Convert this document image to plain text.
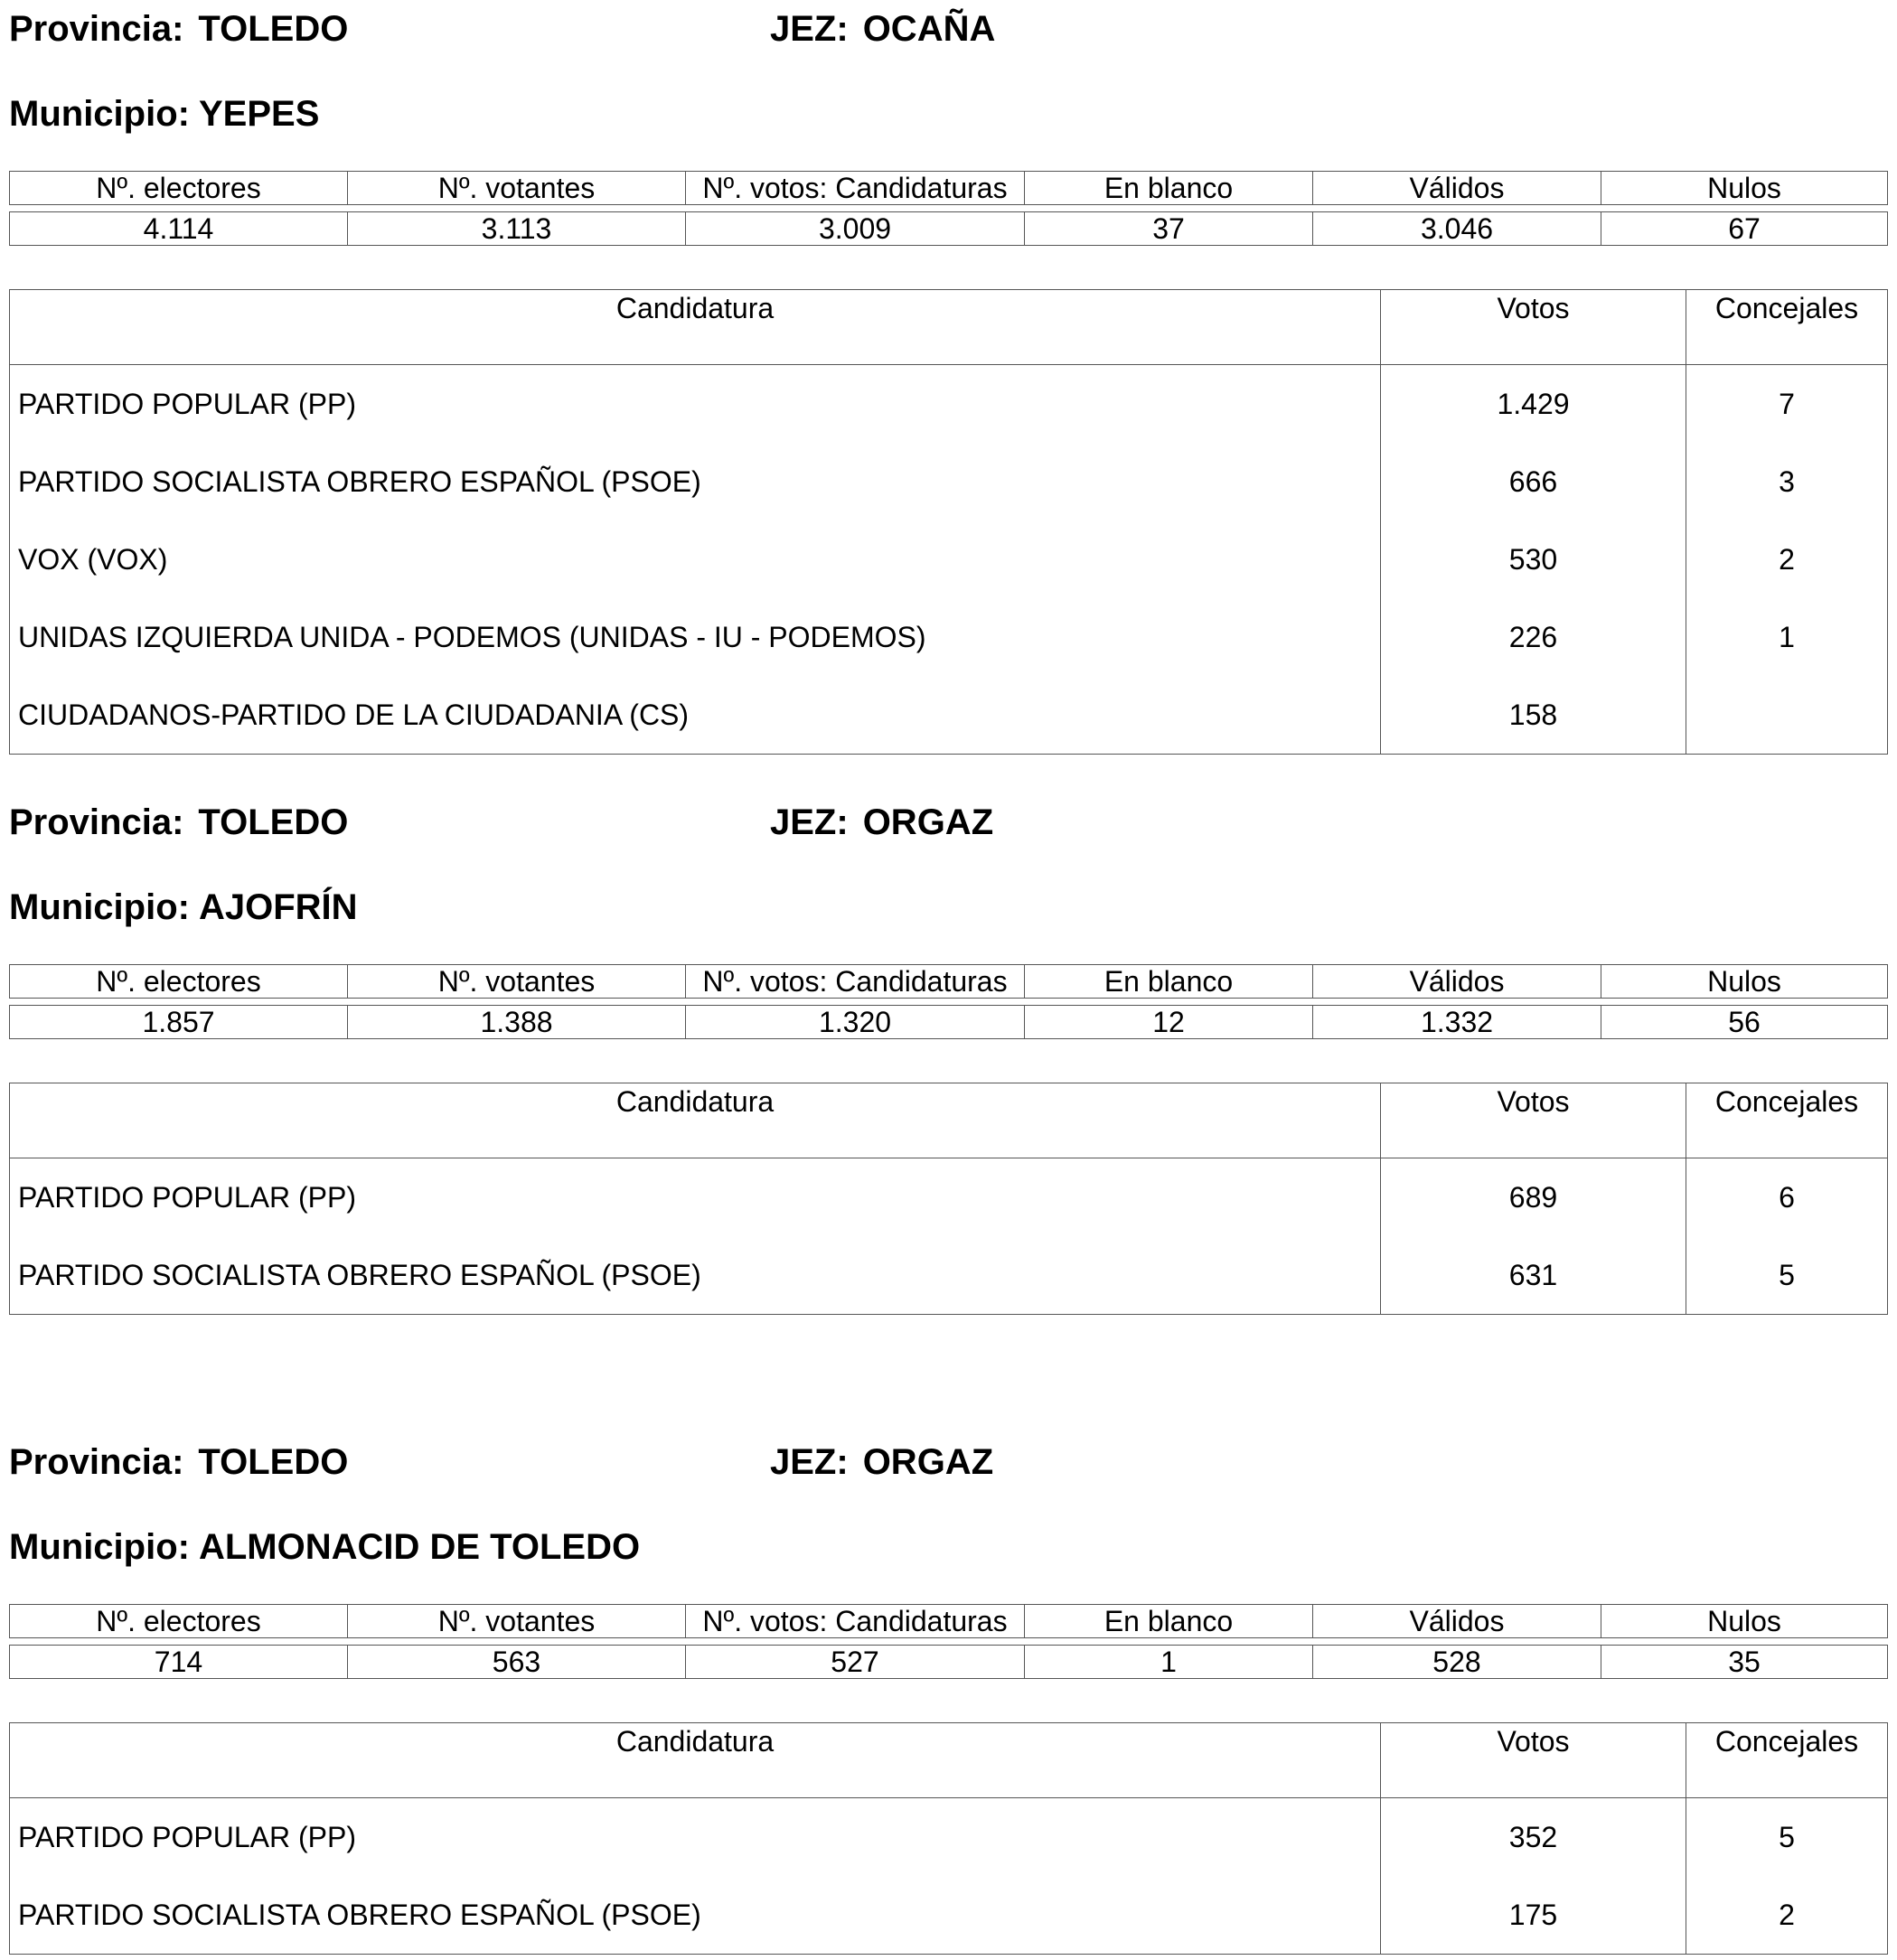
Provincia: TOLEDO	JEZ: OCAÑA
Municipio: YEPES
Nº. electores	Nº. votantes	Nº. votos: Candidaturas	En blanco	Válidos	Nulos

4.114	3.113	3.009	37	3.046	67
Candidatura	Votos	Concejales
PARTIDO POPULAR (PP)	1.429	7
PARTIDO SOCIALISTA OBRERO ESPAÑOL (PSOE)	666	3
VOX (VOX)	530	2
UNIDAS IZQUIERDA UNIDA - PODEMOS (UNIDAS - IU - PODEMOS)	226	1
CIUDADANOS-PARTIDO DE LA CIUDADANIA (CS)	158	
Provincia: TOLEDO	JEZ: ORGAZ
Municipio: AJOFRÍN
Nº. electores	Nº. votantes	Nº. votos: Candidaturas	En blanco	Válidos	Nulos

1.857	1.388	1.320	12	1.332	56
Candidatura	Votos	Concejales
PARTIDO POPULAR (PP)	689	6
PARTIDO SOCIALISTA OBRERO ESPAÑOL (PSOE)	631	5
Provincia: TOLEDO	JEZ: ORGAZ
Municipio: ALMONACID DE TOLEDO
Nº. electores	Nº. votantes	Nº. votos: Candidaturas	En blanco	Válidos	Nulos

714	563	527	1	528	35
Candidatura	Votos	Concejales
PARTIDO POPULAR (PP)	352	5
PARTIDO SOCIALISTA OBRERO ESPAÑOL (PSOE)	175	2
